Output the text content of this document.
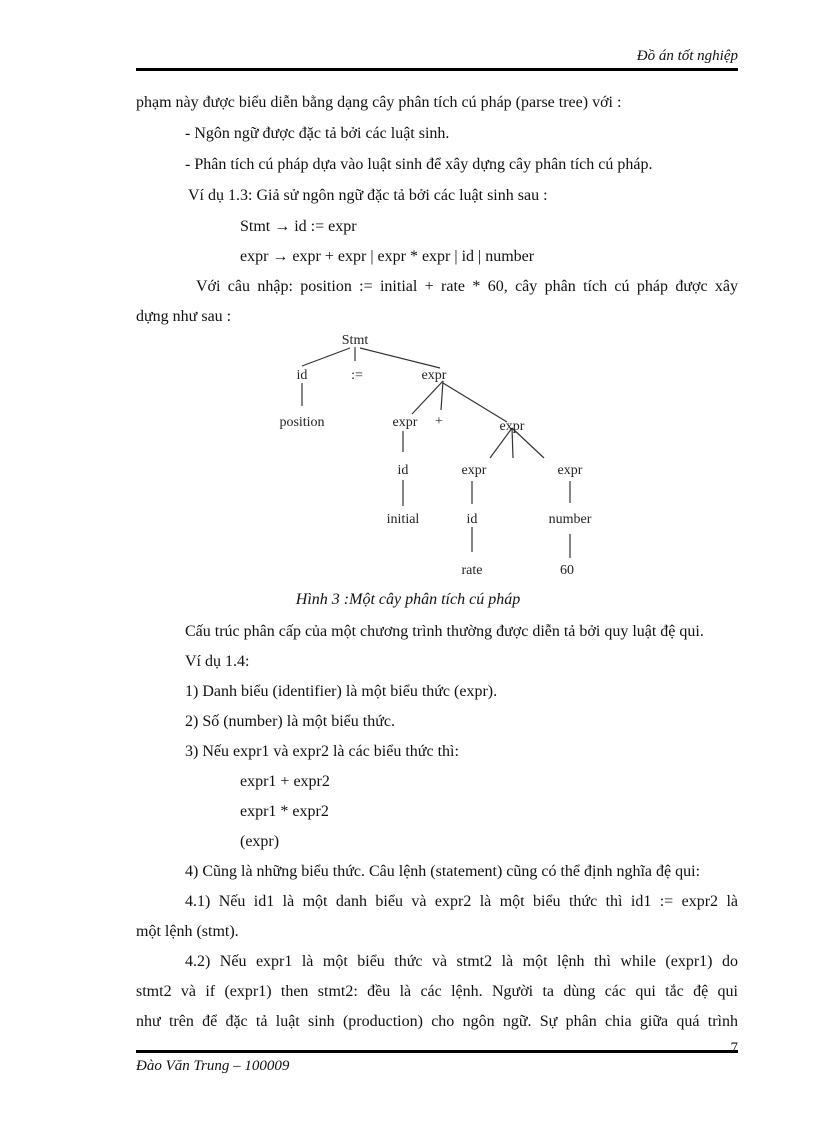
Đồ án tốt nghiệp
phạm này được biểu diễn bằng dạng cây phân tích cú pháp (parse tree) với :
- Ngôn ngữ được đặc tả bởi các luật sinh.
- Phân tích cú pháp dựa vào luật sinh để xây dựng cây phân tích cú pháp.
Ví dụ 1.3: Giả sử ngôn ngữ đặc tả bởi các luật sinh sau :
Stmt → id := expr
expr → expr + expr | expr * expr | id | number
Với câu nhập: position := initial + rate * 60, cây phân tích cú pháp được xây
dựng như sau :
Stmt
id	:=	expr
position	expr +	expr
id	expr	expr
initial	id	number
rate	60
Hình 3 :Một cây phân tích cú pháp
Cấu trúc phân cấp của một chương trình thường được diễn tả bởi quy luật đệ qui.
Ví dụ 1.4:
1) Danh biểu (identifier) là một biểu thức (expr).
2) Số (number) là một biểu thức.
3) Nếu expr1 và expr2 là các biểu thức thì:
expr1 + expr2
expr1 * expr2
(expr)
4) Cũng là những biểu thức. Câu lệnh (statement) cũng có thể định nghĩa đệ qui:
4.1) Nếu id1 là một danh biểu và expr2 là một biểu thức thì id1 := expr2 là
một lệnh (stmt).
4.2) Nếu expr1 là một biểu thức và stmt2 là một lệnh thì while (expr1) do
stmt2 và if (expr1) then stmt2: đều là các lệnh. Người ta dùng các qui tắc đệ qui
như trên để đặc tả luật sinh (production) cho ngôn ngữ. Sự phân chia giữa quá trình
7
Đào Văn Trung – 100009
